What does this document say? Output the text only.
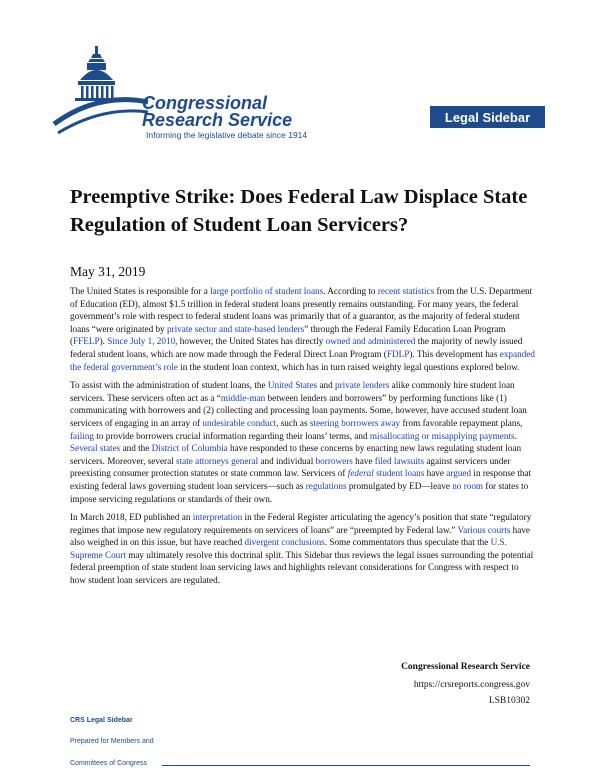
Congressional
Research Service
Informing the legislative debate since 1914
Legal Sidebar
Preemptive Strike: Does Federal Law Displace State Regulation of Student Loan Servicers?
May 31, 2019

The United States is responsible for a large portfolio of student loans. According to recent statistics from the U.S. Department of Education (ED), almost $1.5 trillion in federal student loans presently remains outstanding. For many years, the federal government’s role with respect to federal student loans was primarily that of a guarantor, as the majority of federal student loans “were originated by private sector and state-based lenders” through the Federal Family Education Loan Program (FFELP). Since July 1, 2010, however, the United States has directly owned and administered the majority of newly issued federal student loans, which are now made through the Federal Direct Loan Program (FDLP). This development has expanded the federal government’s role in the student loan context, which has in turn raised weighty legal questions explored below.

To assist with the administration of student loans, the United States and private lenders alike commonly hire student loan servicers. These servicers often act as a “middle-man between lenders and borrowers” by performing functions like (1) communicating with borrowers and (2) collecting and processing loan payments. Some, however, have accused student loan servicers of engaging in an array of undesirable conduct, such as steering borrowers away from favorable repayment plans, failing to provide borrowers crucial information regarding their loans’ terms, and misallocating or misapplying payments. Several states and the District of Columbia have responded to these concerns by enacting new laws regulating student loan servicers. Moreover, several state attorneys general and individual borrowers have filed lawsuits against servicers under preexisting consumer protection statutes or state common law. Servicers of federal student loans have argued in response that existing federal laws governing student loan servicers—such as regulations promulgated by ED—leave no room for states to impose servicing regulations or standards of their own.

In March 2018, ED published an interpretation in the Federal Register articulating the agency’s position that state “regulatory regimes that impose new regulatory requirements on servicers of loans” are “preempted by Federal law.” Various courts have also weighed in on this issue, but have reached divergent conclusions. Some commentators thus speculate that the U.S. Supreme Court may ultimately resolve this doctrinal split. This Sidebar thus reviews the legal issues surrounding the potential federal preemption of state student loan servicing laws and highlights relevant considerations for Congress with respect to how student loan servicers are regulated.

Congressional Research Service
https://crsreports.congress.gov
LSB10302
CRS Legal Sidebar
Prepared for Members and
Committees of Congress
